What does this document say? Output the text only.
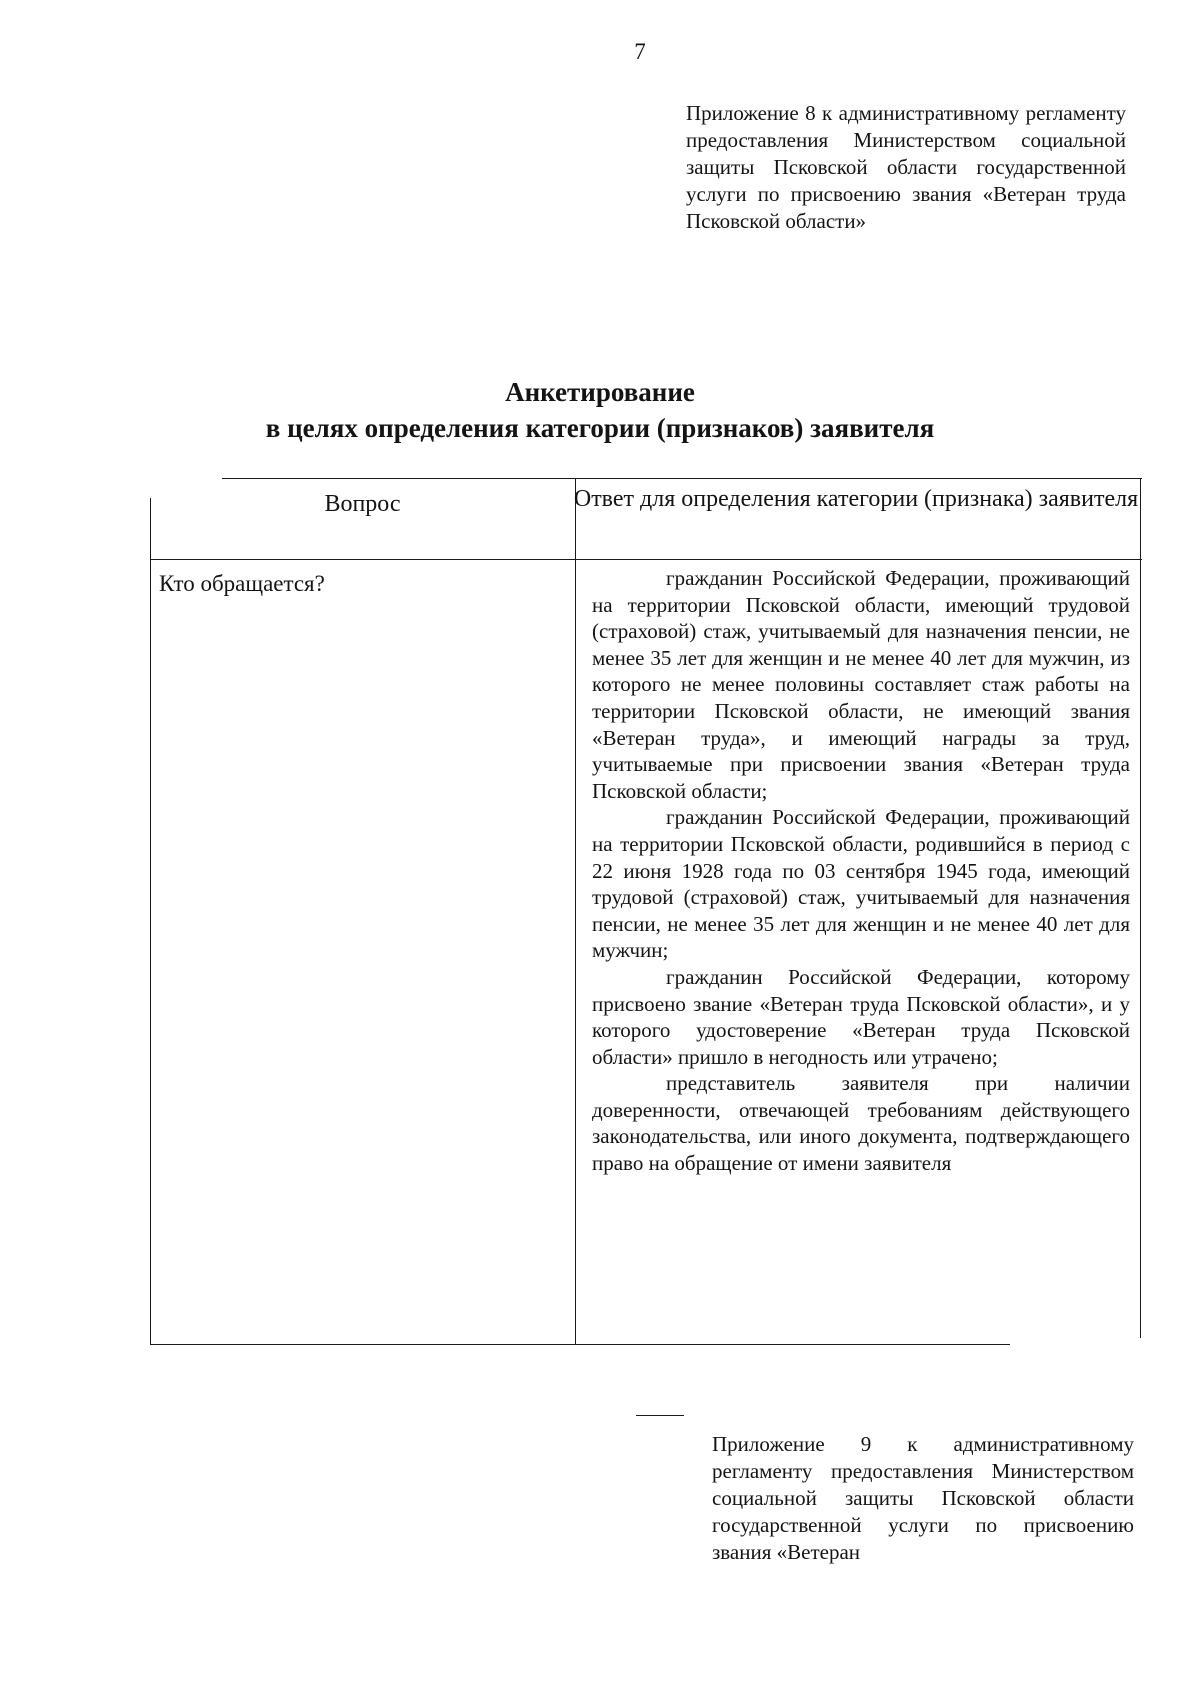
7
Приложение 8 к административному регламенту предоставления Министерством социальной защиты Псковской области государственной услуги по присвоению звания «Ветеран труда Псковской области»
Анкетирование
в целях определения категории (признаков) заявителя
Вопрос	Ответ для определения категории (признака) заявителя
Кто обращается?	гражданин Российской Федерации, проживающий на территории Псковской области, имеющий трудовой (страховой) стаж, учитываемый для назначения пенсии, не менее 35 лет для женщин и не менее 40 лет для мужчин, из которого не менее половины составляет стаж работы на территории Псковской области, не имеющий звания «Ветеран труда», и имеющий награды за труд, учитываемые при присвоении звания «Ветеран труда Псковской области;

гражданин Российской Федерации, проживающий на территории Псковской области, родившийся в период с 22 июня 1928 года по 03 сентября 1945 года, имеющий трудовой (страховой) стаж, учитываемый для назначения пенсии, не менее 35 лет для женщин и не менее 40 лет для мужчин;

гражданин Российской Федерации, которому присвоено звание «Ветеран труда Псковской области», и у которого удостоверение «Ветеран труда Псковской области» пришло в негодность или утрачено;

представитель заявителя при наличии доверенности, отвечающей требованиям действующего законодательства, или иного документа, подтверждающего право на обращение от имени заявителя

Приложение 9 к административному регламенту предоставления Министерством социальной защиты Псковской области государственной услуги по присвоению звания «Ветеран
